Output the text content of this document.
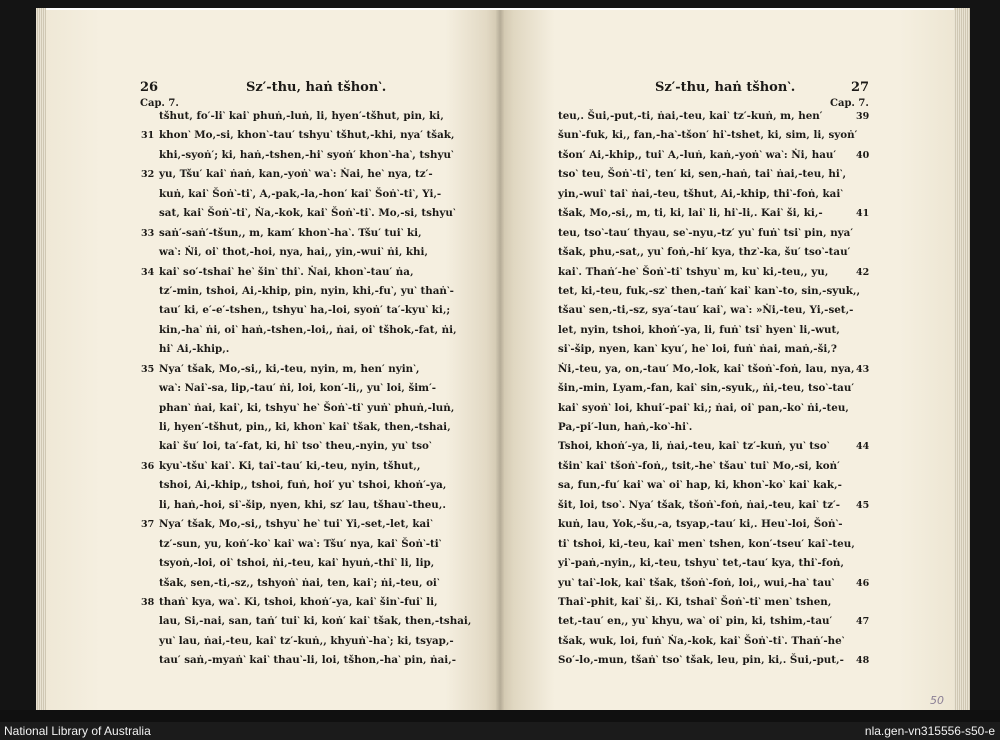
26	Sz′-thu‚ haṅ tšhon‵.
Cap. 7.
tšhut‚ fo′-li‵ kai‵ phuṅ‚-luṅ‚ li‚ hyen′-tšhut‚ pin‚ ki‚
31 khon‵ Mo‚-si‚ khon‵-tau′ tshyu‵ tšhut‚-khi‚ nya′ tšak‚
khi‚-syoṅ′; ki‚ haṅ‚-tshen‚-hi‵ syoṅ′ khon‵-ha‵, tshyu‵
32 yu‚ Tšu′ kai‵ ṅaṅ‚ kan‚-yoṅ‵ wa‵: Ṅai‚ he‵ nya‚ tz′-
kuṅ‚ kai‵ Šoṅ‵-ti‵, A‚-pak‚-la‚-hon′ kai‵ Šoṅ‵-ti‵, Yi‚-
sat‚ kai‵ Šoṅ‵-ti‵, Ṅa‚-kok‚ kai‵ Šoṅ‵-ti‵. Mo‚-si‚ tshyu‵
33 saṅ′-saṅ′-tšun‚, m‚ kam′ khon‵-ha‵. Tšu′ tui‵ ki‚
wa‵: Ṅi‚ oi‵ thot‚-hoi‚ nya‚ hai‚, yin‚-wui‵ ṅi‚ khi‚
34 kai‵ so′-tshai‵ he‵ šin‵ thi‵. Ṅai‚ khon‵-tau′ ṅa‚
tz′-min‚ tshoi‚ Ai‚-khip‚ pin‚ nyin‚ khi‚-fu‵, yu‵ thaṅ‵-
tau′ ki‚ e′-e′-tshen‚, tshyu‵ ha‚-loi‚ syoṅ′ ta′-kyu‵ ki‚;
kin‚-ha‵ ṅi‚ oi‵ haṅ‚-tshen‚-loi‚, ṅai‚ oi‵ tšhok‚-fat‚ ṅi‚
hi‵ Ai‚-khip‚.
35 Nya′ tšak‚ Mo‚-si‚, ki‚-teu‚ nyin‚ m‚ hen′ nyin‵,
wa‵: Nai‵-sa‚ lip‚-tau′ ṅi‚ loi‚ kon′-li‚, yu‵ loi‚ šim′-
phan‵ ṅai‚ kai‵, ki‚ tshyu‵ he‵ Šoṅ‵-ti‵ yuṅ‵ phuṅ‚-luṅ‚
li‚ hyen′-tšhut‚ pin‚, ki‚ khon‵ kai‵ tšak‚ then‚-tshai‚
kai‵ šu′ loi‚ ta′-fat‚ ki‚ hi‵ tso‵ theu‚-nyin‚ yu‵ tso‵
36 kyu‵-tšu‵ kai‵. Ki‚ tai‵-tau′ ki‚-teu‚ nyin‚ tšhut‚,
tshoi‚ Ai‚-khip‚, tshoi‚ fuṅ‚ hoi′ yu‵ tshoi‚ khoṅ′-ya‚
li‚ haṅ‚-hoi‚ si‵-šip‚ nyen‚ khi‚ sz′ lau‚ tšhau‵-theu‚.
37 Nya′ tšak‚ Mo‚-si‚, tshyu‵ he‵ tui‵ Yi‚-set‚-let‚ kai‵
tz′-sun‚ yu‚ koṅ′-ko‵ kai‵ wa‵: Tšu′ nya‚ kai‵ Šoṅ‵-ti‵
tsyoṅ‚-loi‚ oi‵ tshoi‚ ṅi‚-teu‚ kai‵ hyuṅ‚-thi‵ li‚ lip‚
tšak‚ sen‚-ti‚-sz‚, tshyoṅ‵ ṅai‚ ten‚ kai‵; ṅi‚-teu‚ oi‵
38 thaṅ‵ kya‚ wa‵. Ki‚ tshoi‚ khoṅ′-ya‚ kai‵ šin‵-fui‵ li‚
lau‚ Si‚-nai‚ san‚ taṅ′ tui‵ ki‚ koṅ′ kai‵ tšak‚ then‚-tshai‚
yu‵ lau‚ ṅai‚-teu‚ kai‵ tz′-kuṅ‚, khyuṅ‵-ha‵; ki‚ tsyap‚-
tau′ saṅ‚-myaṅ‵ kai‵ thau‵-li‚ loi‚ tšhon‚-ha‵ pin‚ ṅai‚-
27
Sz′-thu‚ haṅ tšhon‵.
Cap. 7.
39
teu‚. Šui‚-put‚-ti‚ ṅai‚-teu‚ kai‵ tz′-kuṅ‚ m‚ hen′
šun‵-fuk‚ ki‚, fan‚-ha‵-tšon′ hi‵-tshet‚ ki‚ sim‚ li‚ syoṅ′
40
tšon′ Ai‚-khip‚, tui‵ A‚-luṅ‚ kaṅ‚-yoṅ‵ wa‵: Ṅi‚ hau′
tso‵ teu‚ Šoṅ‵-ti‵, ten′ ki‚ sen‚-haṅ‚ tai‵ ṅai‚-teu‚ hi‵,
yin‚-wui‵ tai‵ ṅai‚-teu‚ tšhut‚ Ai‚-khip‚ thi‵-foṅ‚ kai‵
41
tšak‚ Mo‚-si‚, m‚ ti‚ ki‚ lai‵ li‚ hi‵-li‚. Kai‵ ši‚ ki‚-
teu‚ tso‵-tau′ thyau‚ se‵-nyu‚-tz′ yu‵ fuṅ‵ tsi‵ pin‚ nya′
tšak‚ phu‚-sat‚, yu‵ foṅ‚-hi′ kya‚ thz‵-ka‚ šu′ tso‵-tau′
42
kai‵. Thaṅ′-he‵ Šoṅ‵-ti‵ tshyu‵ m‚ ku‵ ki‚-teu‚, yu‚
tet‚ ki‚-teu‚ fuk‚-sz‵ then‚-taṅ′ kai‵ kan‵-to‚ sin‚-syuk‚,
tšau‵ sen‚-ti‚-sz‚ sya′-tau′ kai‵, wa‵: »Ṅi‚-teu‚ Yi‚-set‚-
let‚ nyin‚ tshoi‚ khoṅ′-ya‚ li‚ fuṅ‵ tsi‵ hyen‵ li‚-wut‚
si‵-šip‚ nyen‚ kan‵ kyu′, he‵ loi‚ fuṅ‵ ṅai‚ maṅ‚-ši‚?
43
Ṅi‚-teu‚ ya‚ on‚-tau′ Mo‚-lok‚ kai‵ tšoṅ‵-foṅ‚ lau‚ nya‚
šin‚-min‚ Lyam‚-fan‚ kai‵ sin‚-syuk‚, ṅi‚-teu‚ tso‵-tau′
kai‵ syoṅ‵ loi‚ khui′-pai‵ ki‚; ṅai‚ oi‵ pan‚-ko‵ ṅi‚-teu‚
Pa‚-pi′-lun‚ haṅ‚-ko‵-hi‵.
44
Tshoi‚ khoṅ′-ya‚ li‚ ṅai‚-teu‚ kai‵ tz′-kuṅ‚ yu‵ tso‵
tšin‵ kai‵ tšoṅ‵-foṅ‚, tsit‚-he‵ tšau‵ tui‵ Mo‚-si‚ koṅ′
sa‚ fun‚-fu′ kai‵ wa‵ oi‵ hap‚ ki‚ khon‵-ko‵ kai‵ kak‚-
45
šit‚ loi‚ tso‵. Nya′ tšak‚ tšoṅ‵-foṅ‚ ṅai‚-teu‚ kai‵ tz′-
kuṅ‚ lau‚ Yok‚-šu‚-a‚ tsyap‚-tau′ ki‚. Heu‵-loi‚ Šoṅ‵-
ti‵ tshoi‚ ki‚-teu‚ kai‵ men‵ tshen‚ kon′-tseu′ kai‵-teu‚
yi‵-paṅ‚-nyin‚, ki‚-teu‚ tshyu‵ tet‚-tau′ kya‚ thi‵-foṅ‚
46
yu‵ tai‵-lok‚ kai‵ tšak‚ tšoṅ‵-foṅ‚ loi‚, wui‚-ha‵ tau‵
Thai‵-phit‚ kai‵ ši‚. Ki‚ tshai‵ Šoṅ‵-ti‵ men‵ tshen‚
47
tet‚-tau′ en‚, yu‵ khyu‚ wa‵ oi‵ pin‚ ki‚ tshim‚-tau′
tšak‚ wuk‚ loi‚ fuṅ‵ Ṅa‚-kok‚ kai‵ Šoṅ‵-ti‵. Thaṅ′-he‵
48
So′-lo‚-mun‚ tšaṅ‵ tso‵ tšak‚ leu‚ pin‚ ki‚. Šui‚-put‚-
50
National Library of Australia	nla.gen-vn315556-s50-e
